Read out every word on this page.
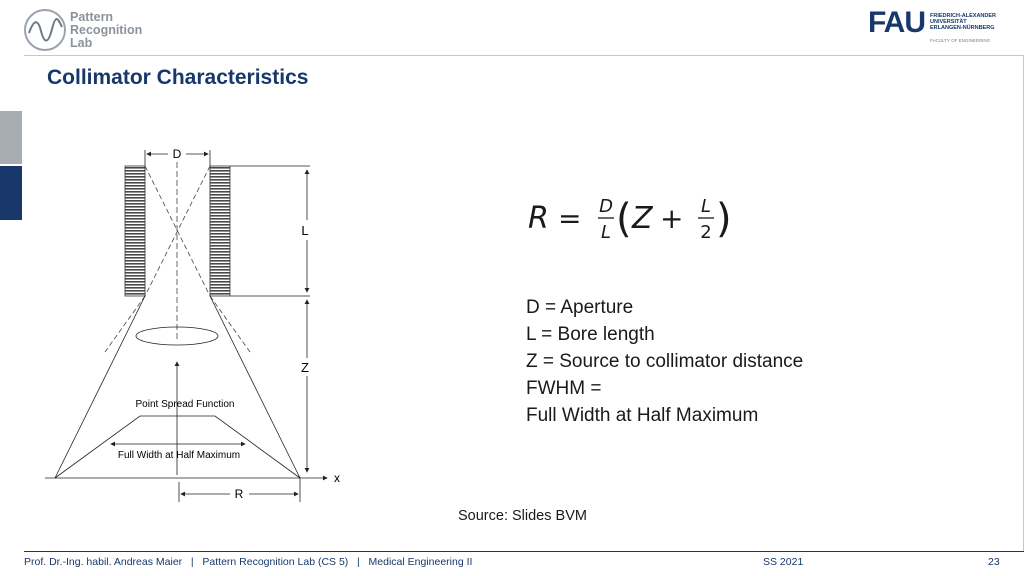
Pattern
Recognition
Lab
FAU FRIEDRICH-ALEXANDER
UNIVERSITÄT
ERLANGEN-NÜRNBERG
FACULTY OF ENGINEERING
Collimator Characteristics
D
L
Z
Point Spread Function
Full Width at Half Maximum
x
R
R = D
L ( Z + L
2 )
D = Aperture
L = Bore length
Z = Source to collimator distance
FWHM =
Full Width at Half Maximum
Source: Slides BVM
Prof. Dr.-Ing. habil. Andreas Maier   |   Pattern Recognition Lab (CS 5)   |   Medical Engineering II	SS 2021	23
